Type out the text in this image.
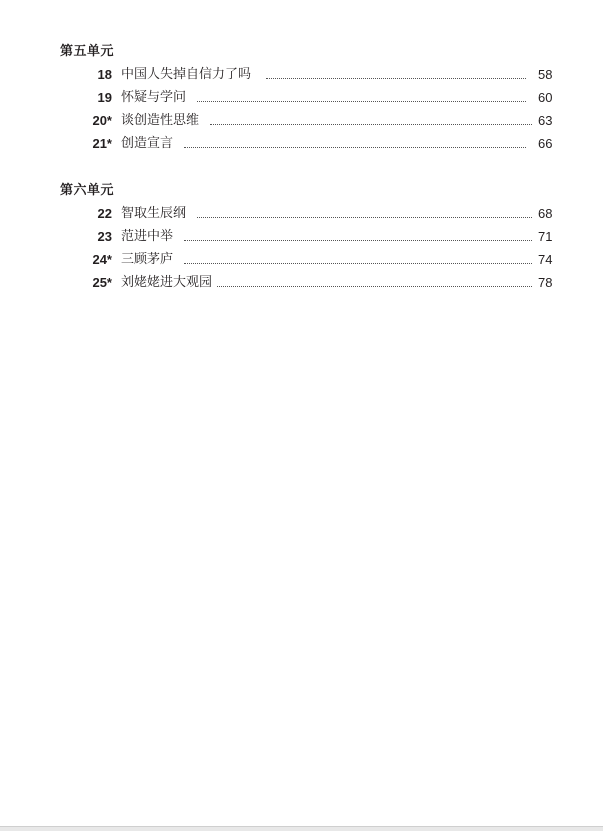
第五单元
18 中国人失掉自信力了吗	58
19 怀疑与学问	60
20* 谈创造性思维	63
21* 创造宣言	66
第六单元
22 智取生辰纲	68
23 范进中举	71
24* 三顾茅庐	74
25* 刘姥姥进大观园	78
